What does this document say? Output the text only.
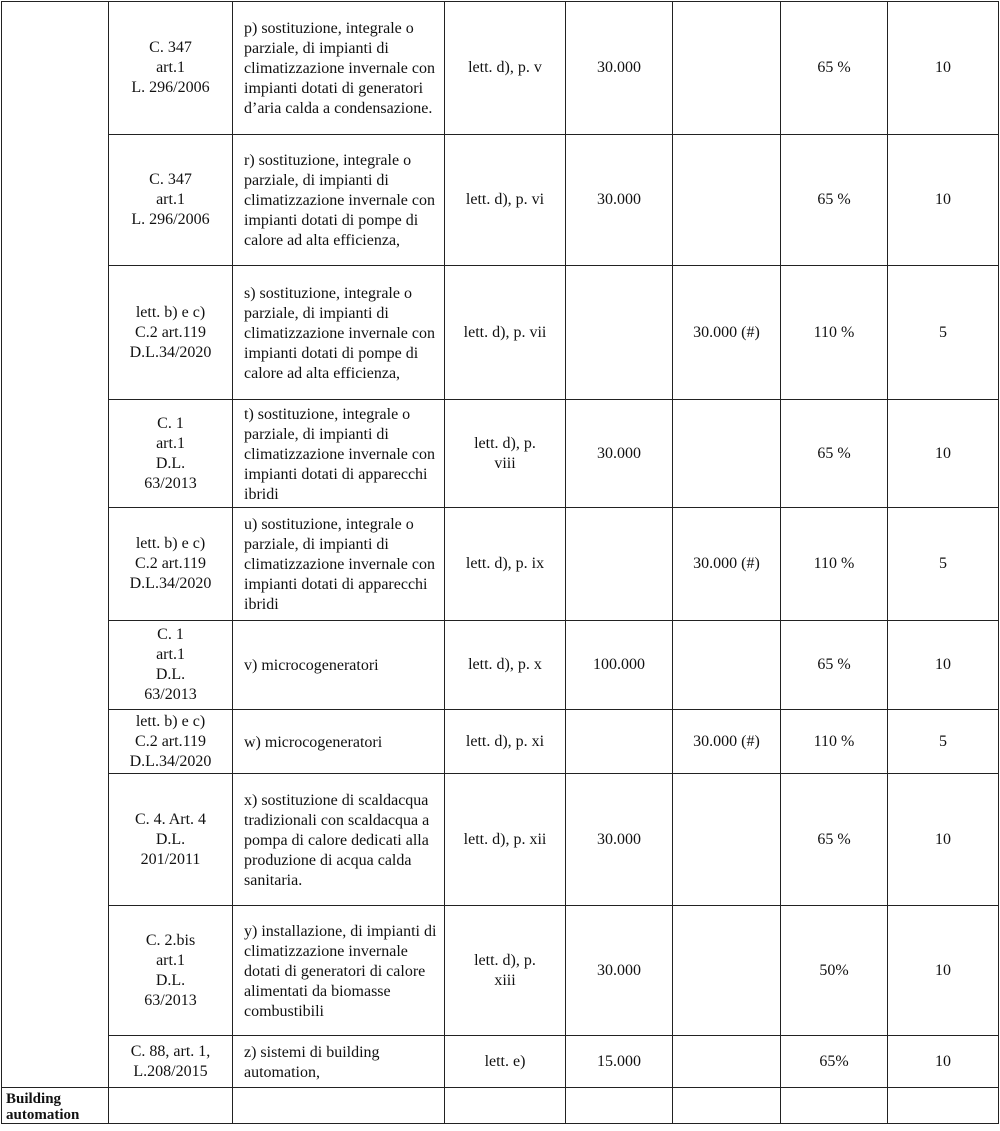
	C. 347
art.1
L. 296/2006	p) sostituzione, integrale o parziale, di impianti di climatizzazione invernale con impianti dotati di generatori d’aria calda a condensazione.	lett. d), p. v	30.000		65 %	10

	C. 347
art.1
L. 296/2006	r) sostituzione, integrale o parziale, di impianti di climatizzazione invernale con impianti dotati di pompe di calore ad alta efficienza,	lett. d), p. vi	30.000		65 %	10

	lett. b) e c)
C.2 art.119
D.L.34/2020	s) sostituzione, integrale o parziale, di impianti di climatizzazione invernale con impianti dotati di pompe di calore ad alta efficienza,	lett. d), p. vii		30.000 (#)	110 %	5

	C. 1
art.1
D.L.
63/2013	t) sostituzione, integrale o parziale, di impianti di climatizzazione invernale con impianti dotati di apparecchi ibridi	lett. d), p.
viii	30.000		65 %	10

	lett. b) e c)
C.2 art.119
D.L.34/2020	u) sostituzione, integrale o parziale, di impianti di climatizzazione invernale con impianti dotati di apparecchi ibridi	lett. d), p. ix		30.000 (#)	110 %	5

	C. 1
art.1
D.L.
63/2013	v) microcogeneratori	lett. d), p. x	100.000		65 %	10

	lett. b) e c)
C.2 art.119
D.L.34/2020	w) microcogeneratori	lett. d), p. xi		30.000 (#)	110 %	5

	C. 4. Art. 4
D.L.
201/2011	x) sostituzione di scaldacqua tradizionali con scaldacqua a pompa di calore dedicati alla produzione di acqua calda sanitaria.	lett. d), p. xii	30.000		65 %	10

	C. 2.bis
art.1
D.L.
63/2013	y) installazione, di impianti di climatizzazione invernale dotati di generatori di calore alimentati da biomasse combustibili	lett. d), p.
xiii	30.000		50%	10

	C. 88, art. 1,
L.208/2015	z) sistemi di building automation,	lett. e)	15.000		65%	10

Building
automation							
